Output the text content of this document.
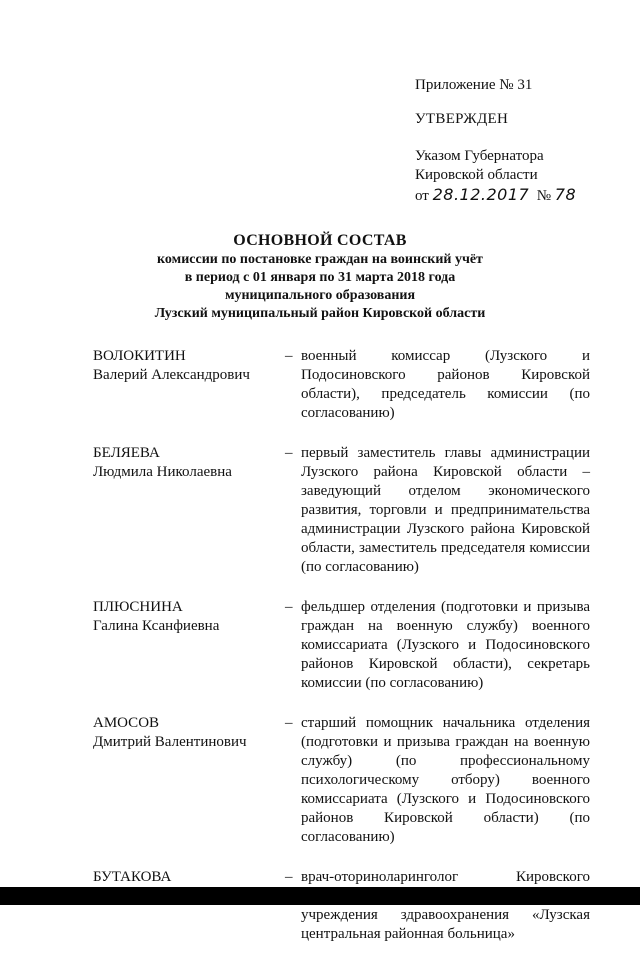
Приложение № 31

УТВЕРЖДЕН

Указом Губернатора
Кировской области
от 28.12.2017 № 78

ОСНОВНОЙ СОСТАВ
комиссии по постановке граждан на воинский учёт
в период с 01 января по 31 марта 2018 года
муниципального образования
Лузский муниципальный район Кировской области
ВОЛОКИТИН
Валерий Александрович
– военный комиссар (Лузского и Подосиновского районов Кировской области), председатель комиссии (по согласованию)
БЕЛЯЕВА
Людмила Николаевна
– первый заместитель главы администрации Лузского района Кировской области – заведующий отделом экономического развития, торговли и предпринимательства администрации Лузского района Кировской области, заместитель председателя комиссии (по согласованию)
ПЛЮСНИНА
Галина Ксанфиевна
– фельдшер отделения (подготовки и призыва граждан на военную службу) военного комиссариата (Лузского и Подосиновского районов Кировской области), секретарь комиссии (по согласованию)
АМОСОВ
Дмитрий Валентинович
– старший помощник начальника отделения (подготовки и призыва граждан на военную службу) (по профессиональному психологическому отбору) военного комиссариата (Лузского и Подосиновского районов Кировской области) (по согласованию)
БУТАКОВА	– врач-оториноларинголог Кировского учреждения здравоохранения «Лузская центральная районная больница»
